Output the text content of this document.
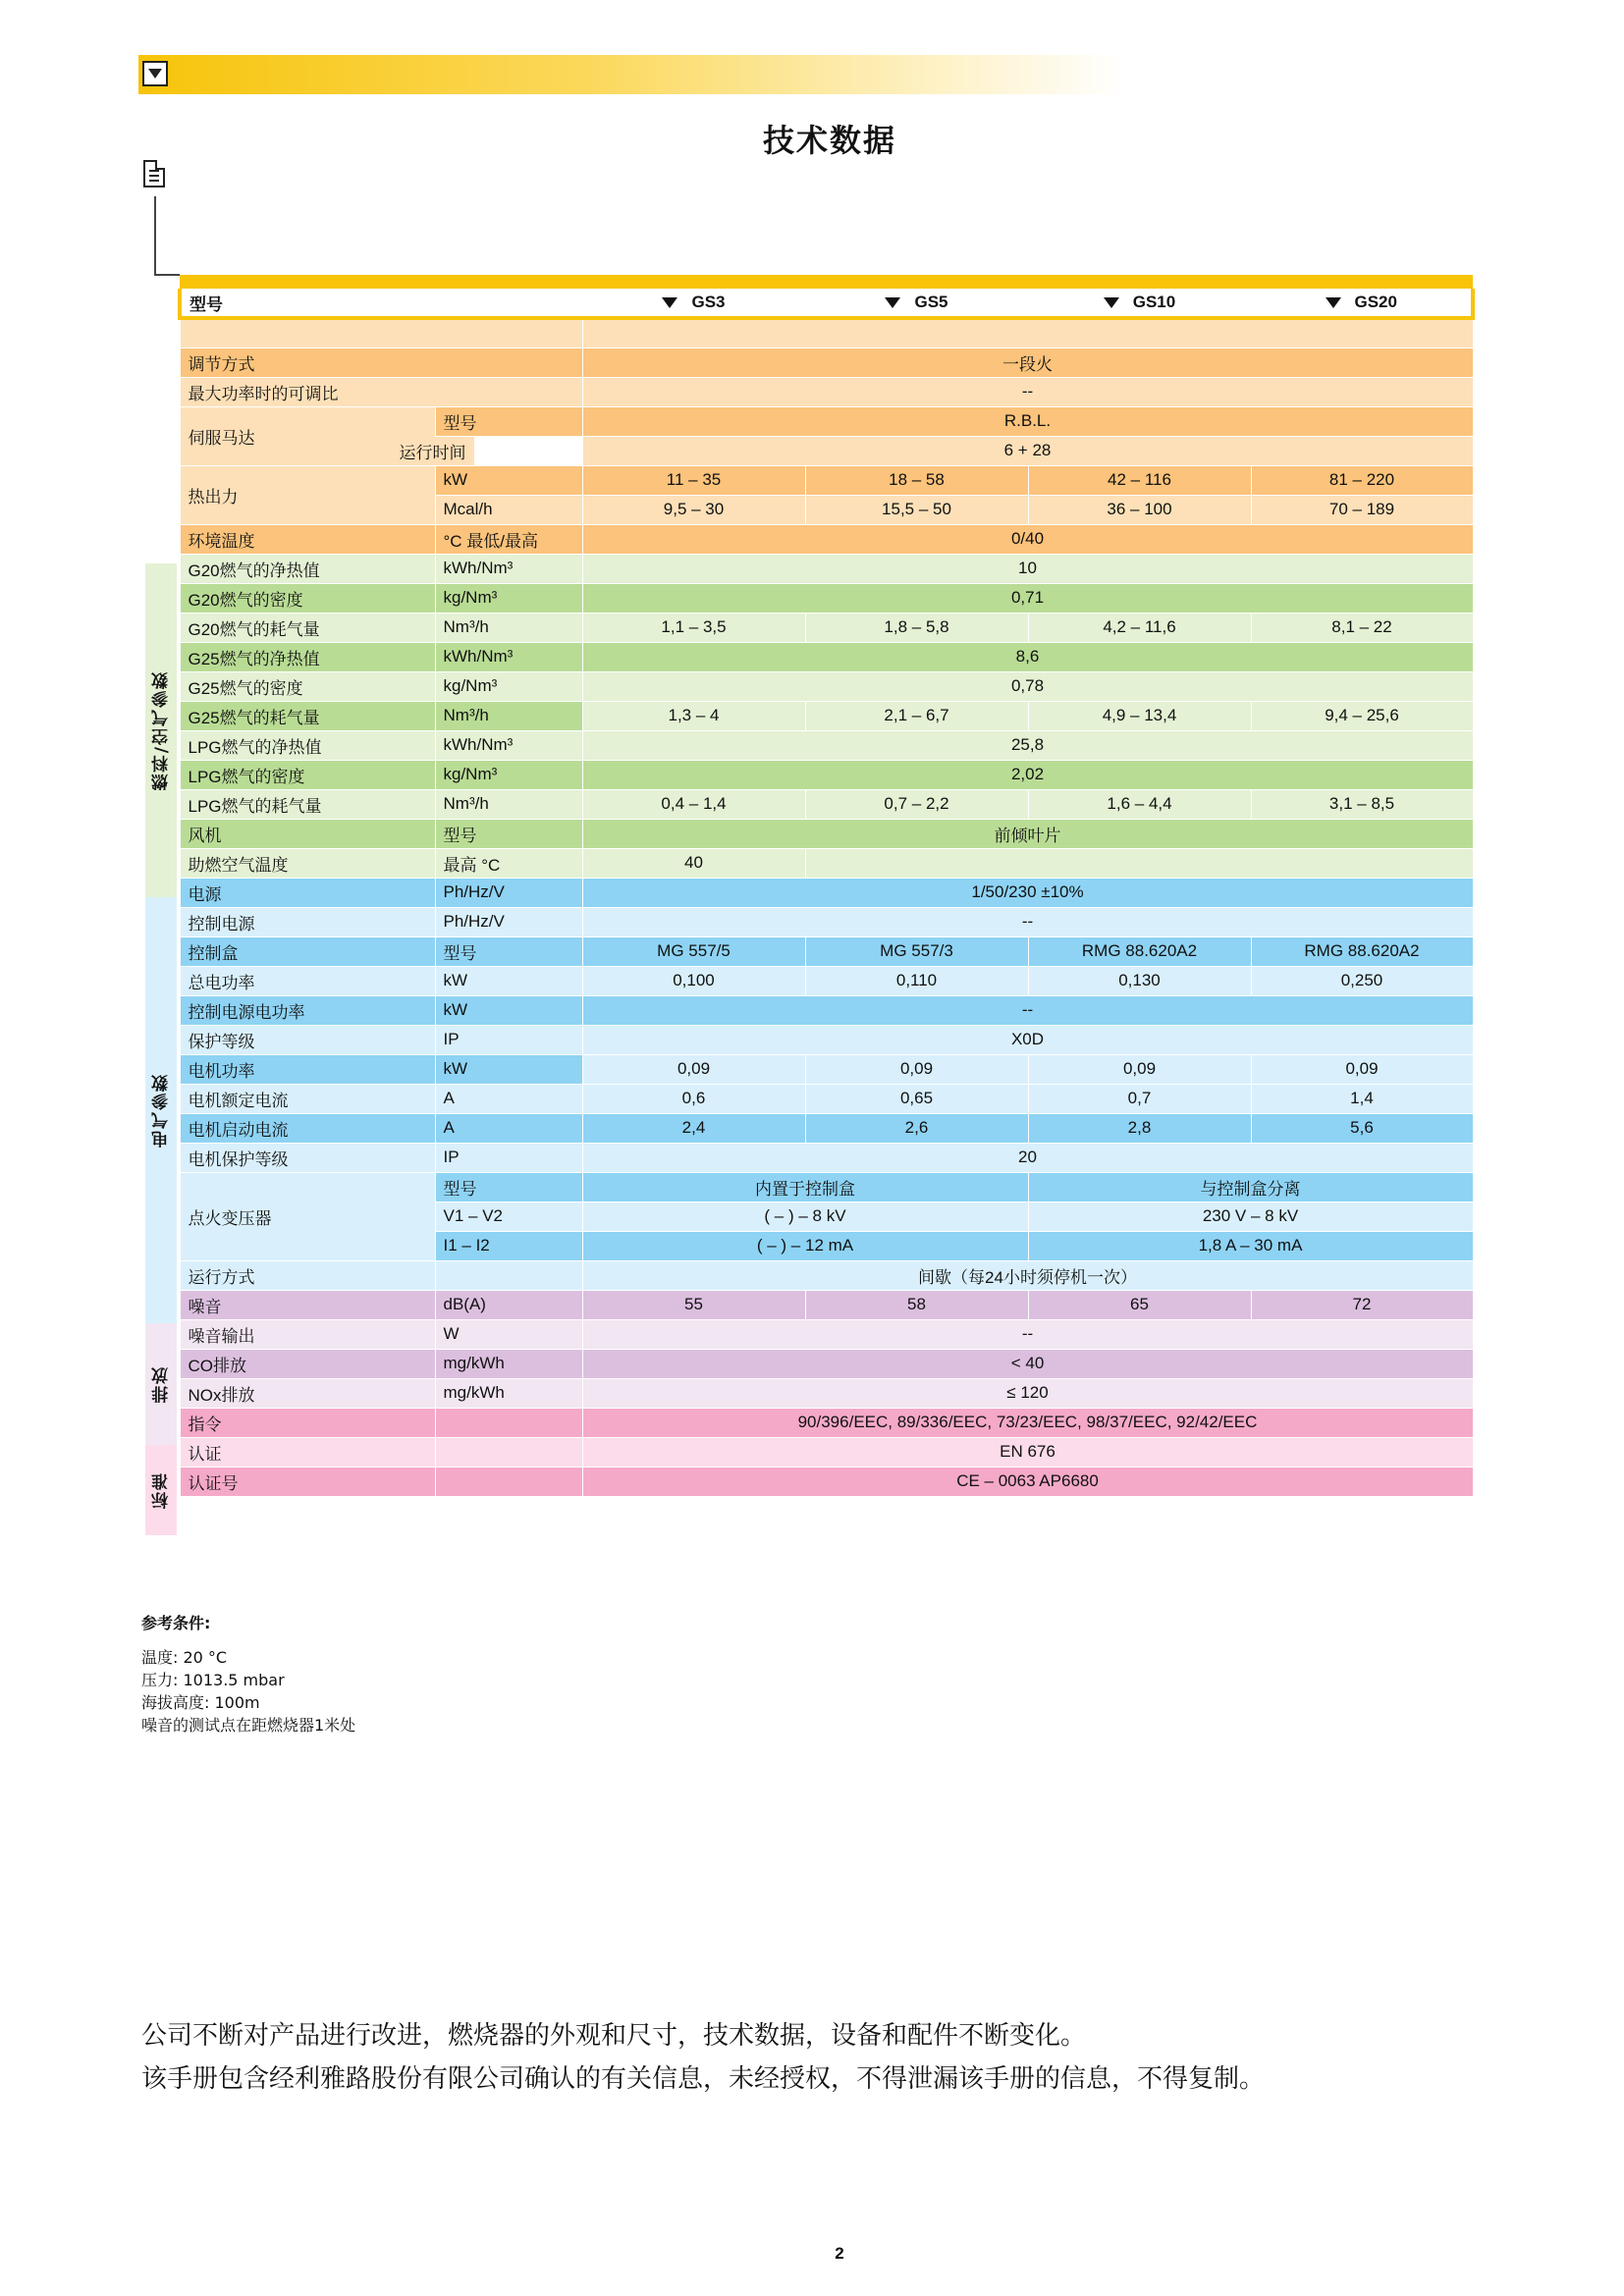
技术数据

型号	GS3	GS5	GS10	GS20

调节方式	一段火
最大功率时的可调比	--
伺服马达	型号	R.B.L.
运行时间	6 + 28
热出力	kW	11 – 35	18 – 58	42 – 116	81 – 220
Mcal/h	9,5 – 30	15,5 – 50	36 – 100	70 – 189
环境温度	°C 最低/最高	0/40
G20燃气的净热值	kWh/Nm³	10
G20燃气的密度	kg/Nm³	0,71
G20燃气的耗气量	Nm³/h	1,1 – 3,5	1,8 – 5,8	4,2 – 11,6	8,1 – 22
G25燃气的净热值	kWh/Nm³	8,6
G25燃气的密度	kg/Nm³	0,78
G25燃气的耗气量	Nm³/h	1,3 – 4	2,1 – 6,7	4,9 – 13,4	9,4 – 25,6
LPG燃气的净热值	kWh/Nm³	25,8
LPG燃气的密度	kg/Nm³	2,02
LPG燃气的耗气量	Nm³/h	0,4 – 1,4	0,7 – 2,2	1,6 – 4,4	3,1 – 8,5
风机	型号	前倾叶片
助燃空气温度	最高 °C	40	
电源	Ph/Hz/V	1/50/230 ±10%
控制电源	Ph/Hz/V	--
控制盒	型号	MG 557/5	MG 557/3	RMG 88.620A2	RMG 88.620A2
总电功率	kW	0,100	0,110	0,130	0,250
控制电源电功率	kW	--
保护等级	IP	X0D
电机功率	kW	0,09	0,09	0,09	0,09
电机额定电流	A	0,6	0,65	0,7	1,4
电机启动电流	A	2,4	2,6	2,8	5,6
电机保护等级	IP	20
点火变压器	型号	内置于控制盒	与控制盒分离
V1 – V2	( – ) – 8 kV	230 V – 8 kV
I1 – I2	( – ) – 12 mA	1,8 A – 30 mA
运行方式		间歇（每24小时须停机一次）
噪音	dB(A)	55	58	65	72
噪音输出	W	--
CO排放	mg/kWh	< 40
NOx排放	mg/kWh	≤ 120
指令		90/396/EEC, 89/336/EEC, 73/23/EEC, 98/37/EEC, 92/42/EEC
认证		EN 676
认证号		CE – 0063 AP6680
燃料/空气参数
电气参数
排放
标准
参考条件:
温度: 20 °C
压力: 1013.5 mbar
海拔高度: 100m
噪音的测试点在距燃烧器1米处
公司不断对产品进行改进，燃烧器的外观和尺寸，技术数据，设备和配件不断变化。
该手册包含经利雅路股份有限公司确认的有关信息，未经授权，不得泄漏该手册的信息，不得复制。
2
